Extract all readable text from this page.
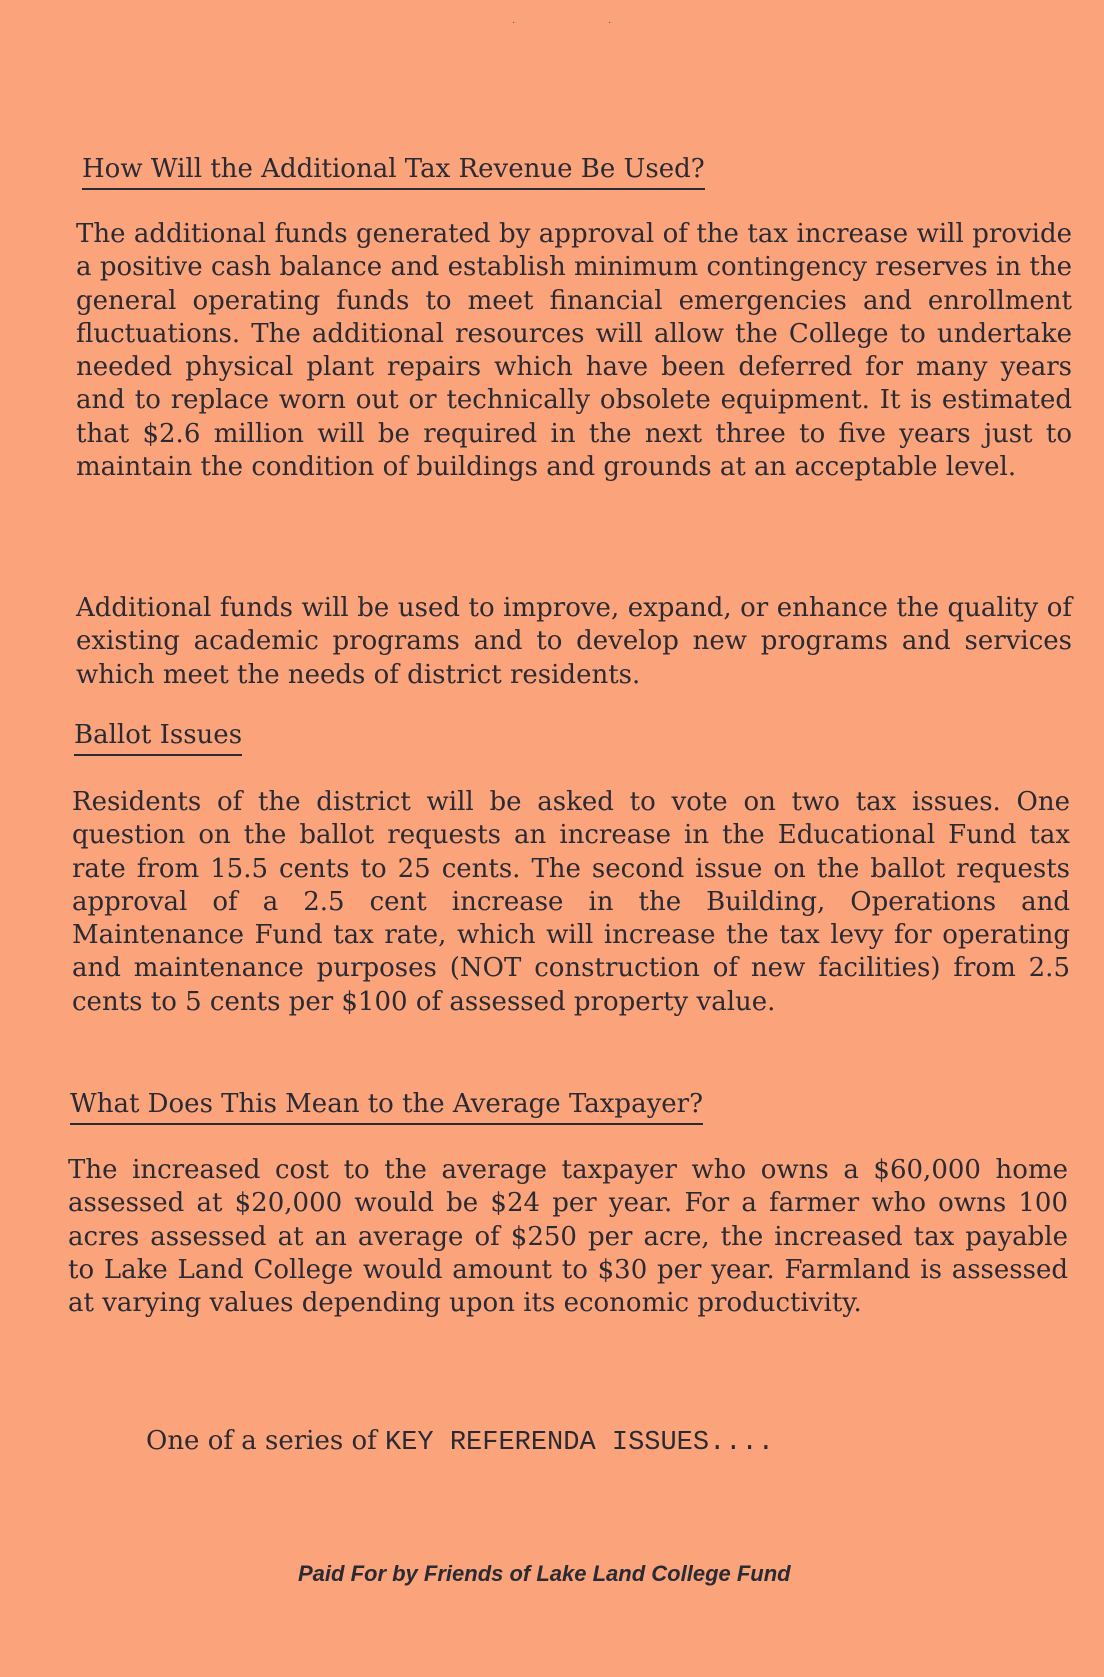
·	·
How Will the Additional Tax Revenue Be Used?

The additional funds generated by approval of the tax increase will provide a positive cash balance and establish minimum contingency reserves in the general operating funds to meet financial emergencies and enrollment fluctuations. The additional resources will allow the College to undertake needed physical plant repairs which have been deferred for many years and to replace worn out or technically obsolete equipment. It is estimated that $2.6 million will be required in the next three to five years just to maintain the condition of buildings and grounds at an acceptable level.

Additional funds will be used to improve, expand, or enhance the quality of existing academic programs and to develop new programs and services which meet the needs of district residents.

Ballot Issues

Residents of the district will be asked to vote on two tax issues. One question on the ballot requests an increase in the Educational Fund tax rate from 15.5 cents to 25 cents. The second issue on the ballot requests approval of a 2.5 cent increase in the Building, Operations and Maintenance Fund tax rate, which will increase the tax levy for operating and maintenance purposes (NOT construction of new facilities) from 2.5 cents to 5 cents per $100 of assessed property value.

What Does This Mean to the Average Taxpayer?

The increased cost to the average taxpayer who owns a $60,000 home assessed at $20,000 would be $24 per year. For a farmer who owns 100 acres assessed at an average of $250 per acre, the increased tax payable to Lake Land College would amount to $30 per year. Farmland is assessed at varying values depending upon its economic productivity.

One of a series of KEY REFERENDA ISSUES....
Paid For by Friends of Lake Land College Fund
